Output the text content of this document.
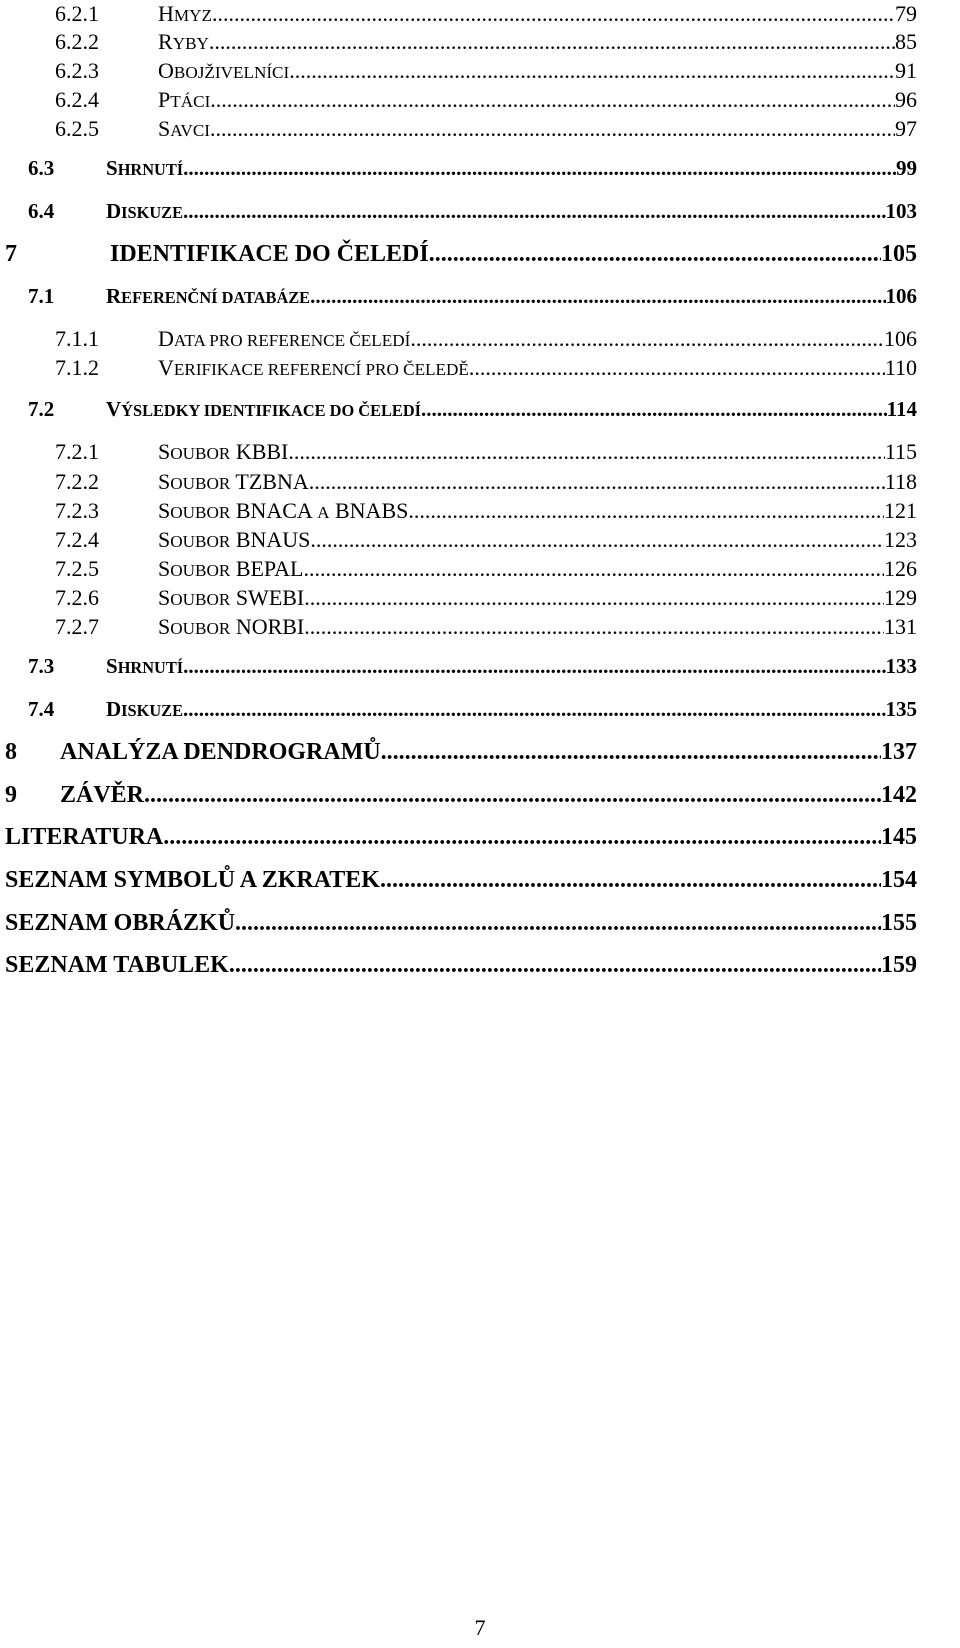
6.2.1	HMYZ .....	79
6.2.2	RYBY .....	85
6.2.3	OBOJŽIVELNÍCI .....	91
6.2.4	PTÁCI .....	96
6.2.5	SAVCI .....	97
6.3	SHRNUTÍ .....	99
6.4	DISKUZE .....	103
7	IDENTIFIKACE DO ČELEDÍ .....	105
7.1	REFERENČNÍ DATABÁZE .....	106
7.1.1	DATA PRO REFERENCE ČELEDÍ .....	106
7.1.2	VERIFIKACE REFERENCÍ PRO ČELEDĚ .....	110
7.2	VÝSLEDKY IDENTIFIKACE DO ČELEDÍ .....	114
7.2.1	SOUBOR KBBI .....	115
7.2.2	SOUBOR TZBNA .....	118
7.2.3	SOUBOR BNACA A BNABS .....	121
7.2.4	SOUBOR BNAUS .....	123
7.2.5	SOUBOR BEPAL .....	126
7.2.6	SOUBOR SWEBI .....	129
7.2.7	SOUBOR NORBI .....	131
7.3	SHRNUTÍ .....	133
7.4	DISKUZE .....	135
8	ANALÝZA DENDROGRAMŮ .....	137
9	ZÁVĚR .....	142
LITERATURA .....	145
SEZNAM SYMBOLŮ A ZKRATEK .....	154
SEZNAM OBRÁZKŮ .....	155
SEZNAM TABULEK .....	159
7
